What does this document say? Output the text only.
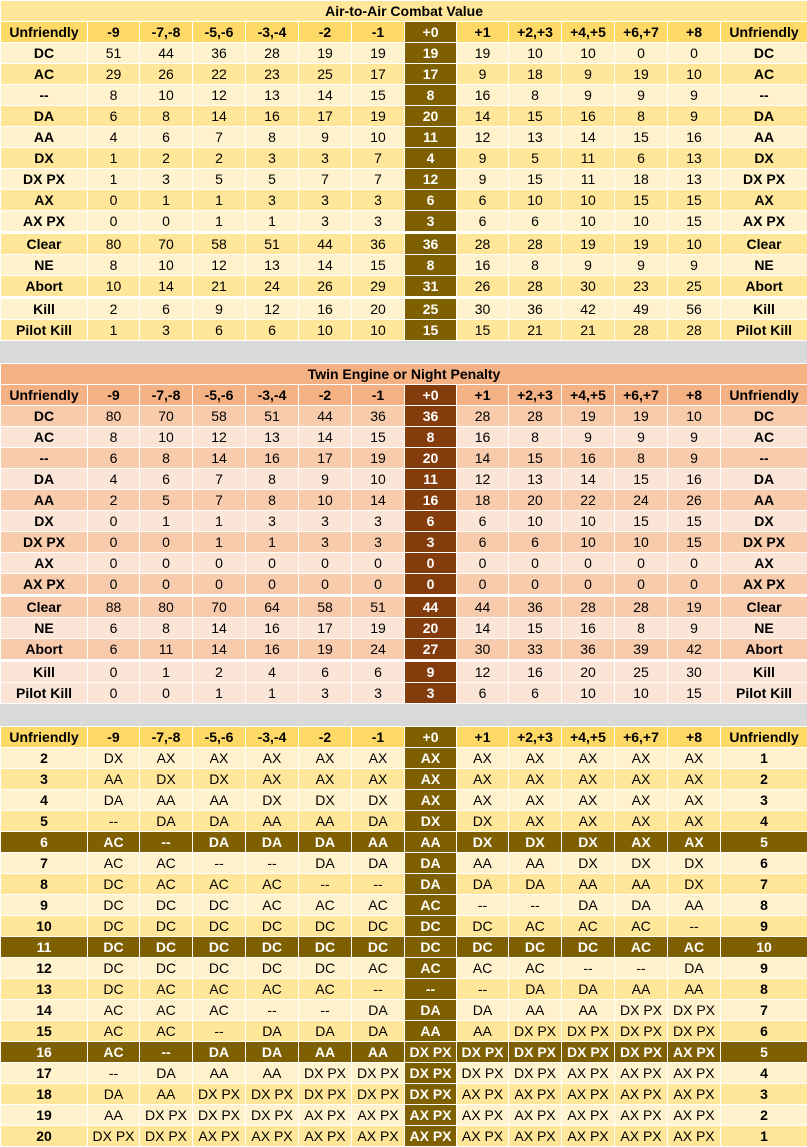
Air-to-Air Combat Value													
Unfriendly	-9	-7,-8	-5,-6	-3,-4	-2	-1	+0	+1	+2,+3	+4,+5	+6,+7	+8	Unfriendly
DC	51	44	36	28	19	19	19	19	10	10	0	0	DC
AC	29	26	22	23	25	17	17	9	18	9	19	10	AC
--	8	10	12	13	14	15	8	16	8	9	9	9	--
DA	6	8	14	16	17	19	20	14	15	16	8	9	DA
AA	4	6	7	8	9	10	11	12	13	14	15	16	AA
DX	1	2	2	3	3	7	4	9	5	11	6	13	DX
DX PX	1	3	5	5	7	7	12	9	15	11	18	13	DX PX
AX	0	1	1	3	3	3	6	6	10	10	15	15	AX
AX PX	0	0	1	1	3	3	3	6	6	10	10	15	AX PX
Clear	80	70	58	51	44	36	36	28	28	19	19	10	Clear
NE	8	10	12	13	14	15	8	16	8	9	9	9	NE
Abort	10	14	21	24	26	29	31	26	28	30	23	25	Abort
Kill	2	6	9	12	16	20	25	30	36	42	49	56	Kill
Pilot Kill	1	3	6	6	10	10	15	15	21	21	28	28	Pilot Kill
Twin Engine or Night Penalty													
Unfriendly	-9	-7,-8	-5,-6	-3,-4	-2	-1	+0	+1	+2,+3	+4,+5	+6,+7	+8	Unfriendly
DC	80	70	58	51	44	36	36	28	28	19	19	10	DC
AC	8	10	12	13	14	15	8	16	8	9	9	9	AC
--	6	8	14	16	17	19	20	14	15	16	8	9	--
DA	4	6	7	8	9	10	11	12	13	14	15	16	DA
AA	2	5	7	8	10	14	16	18	20	22	24	26	AA
DX	0	1	1	3	3	3	6	6	10	10	15	15	DX
DX PX	0	0	1	1	3	3	3	6	6	10	10	15	DX PX
AX	0	0	0	0	0	0	0	0	0	0	0	0	AX
AX PX	0	0	0	0	0	0	0	0	0	0	0	0	AX PX
Clear	88	80	70	64	58	51	44	44	36	28	28	19	Clear
NE	6	8	14	16	17	19	20	14	15	16	8	9	NE
Abort	6	11	14	16	19	24	27	30	33	36	39	42	Abort
Kill	0	1	2	4	6	6	9	12	16	20	25	30	Kill
Pilot Kill	0	0	1	1	3	3	3	6	6	10	10	15	Pilot Kill
Unfriendly	-9	-7,-8	-5,-6	-3,-4	-2	-1	+0	+1	+2,+3	+4,+5	+6,+7	+8	Unfriendly
2	DX	AX	AX	AX	AX	AX	AX	AX	AX	AX	AX	AX	1
3	AA	DX	DX	AX	AX	AX	AX	AX	AX	AX	AX	AX	2
4	DA	AA	AA	DX	DX	DX	AX	AX	AX	AX	AX	AX	3
5	--	DA	DA	AA	AA	DA	DX	DX	AX	AX	AX	AX	4
6	AC	--	DA	DA	DA	AA	AA	DX	DX	DX	AX	AX	5
7	AC	AC	--	--	DA	DA	DA	AA	AA	DX	DX	DX	6
8	DC	AC	AC	AC	--	--	DA	DA	DA	AA	AA	DX	7
9	DC	DC	DC	AC	AC	AC	AC	--	--	DA	DA	AA	8
10	DC	DC	DC	DC	DC	DC	DC	DC	AC	AC	AC	--	9
11	DC	DC	DC	DC	DC	DC	DC	DC	DC	DC	AC	AC	10
12	DC	DC	DC	DC	DC	AC	AC	AC	AC	--	--	DA	9
13	DC	AC	AC	AC	AC	--	--	--	DA	DA	AA	AA	8
14	AC	AC	AC	--	--	DA	DA	DA	AA	AA	DX PX	DX PX	7
15	AC	AC	--	DA	DA	DA	AA	AA	DX PX	DX PX	DX PX	DX PX	6
16	AC	--	DA	DA	AA	AA	DX PX	DX PX	DX PX	DX PX	DX PX	AX PX	5
17	--	DA	AA	AA	DX PX	DX PX	DX PX	DX PX	DX PX	AX PX	AX PX	AX PX	4
18	DA	AA	DX PX	DX PX	DX PX	DX PX	DX PX	AX PX	AX PX	AX PX	AX PX	AX PX	3
19	AA	DX PX	DX PX	DX PX	AX PX	AX PX	AX PX	AX PX	AX PX	AX PX	AX PX	AX PX	2
20	DX PX	DX PX	AX PX	AX PX	AX PX	AX PX	AX PX	AX PX	AX PX	AX PX	AX PX	AX PX	1
